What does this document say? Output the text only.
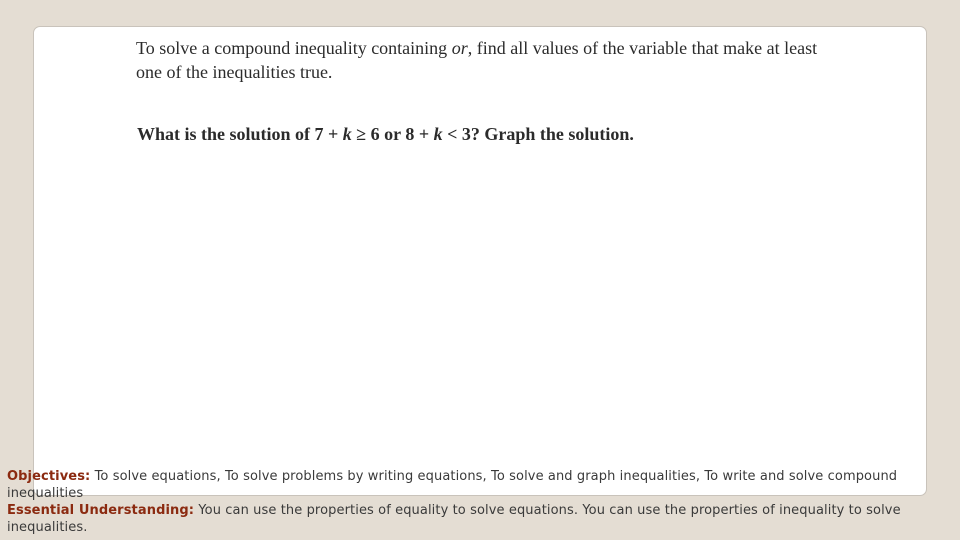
To solve a compound inequality containing or, find all values of the variable that make at least one of the inequalities true.

What is the solution of 7 + k ≥ 6 or 8 + k < 3? Graph the solution.

Objectives: To solve equations, To solve problems by writing equations, To solve and graph inequalities, To write and solve compound inequalities

Essential Understanding: You can use the properties of equality to solve equations. You can use the properties of inequality to solve inequalities.
